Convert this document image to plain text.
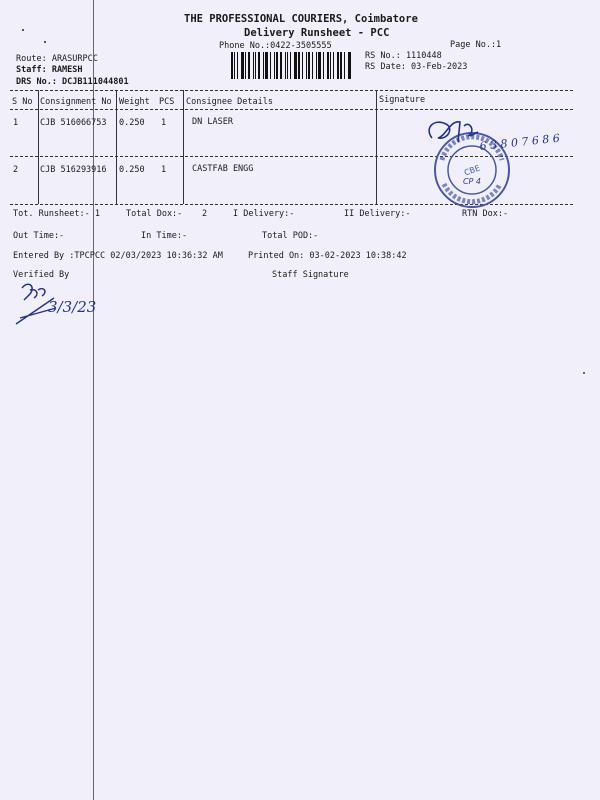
THE PROFESSIONAL COURIERS, Coimbatore
Delivery Runsheet - PCC
Phone No.:0422-3505555	Page No.:1
Route: ARASURPCC
Staff: RAMESH
DRS No.: DCJB111044801
RS No.: 1110448
RS Date: 03-Feb-2023
S No Consignment No Weight PCS Consignee Details	Signature
1	CJB 516066753 0.250 1	DN LASER
2	CJB 516293916 0.250 1	CASTFAB ENGG
Tot. Runsheet:- 1	Total Dox:- 2	I Delivery:-	II Delivery:-	RTN Dox:-
Out Time:-	In Time:-	Total POD:-
Entered By :TPCPCC 02/03/2023 10:36:32 AM	Printed On: 03-02-2023 10:38:42
Verified By	Staff Signature
CBE
CP 4
6 3 8 0 7 6 8 6
3/3/23
